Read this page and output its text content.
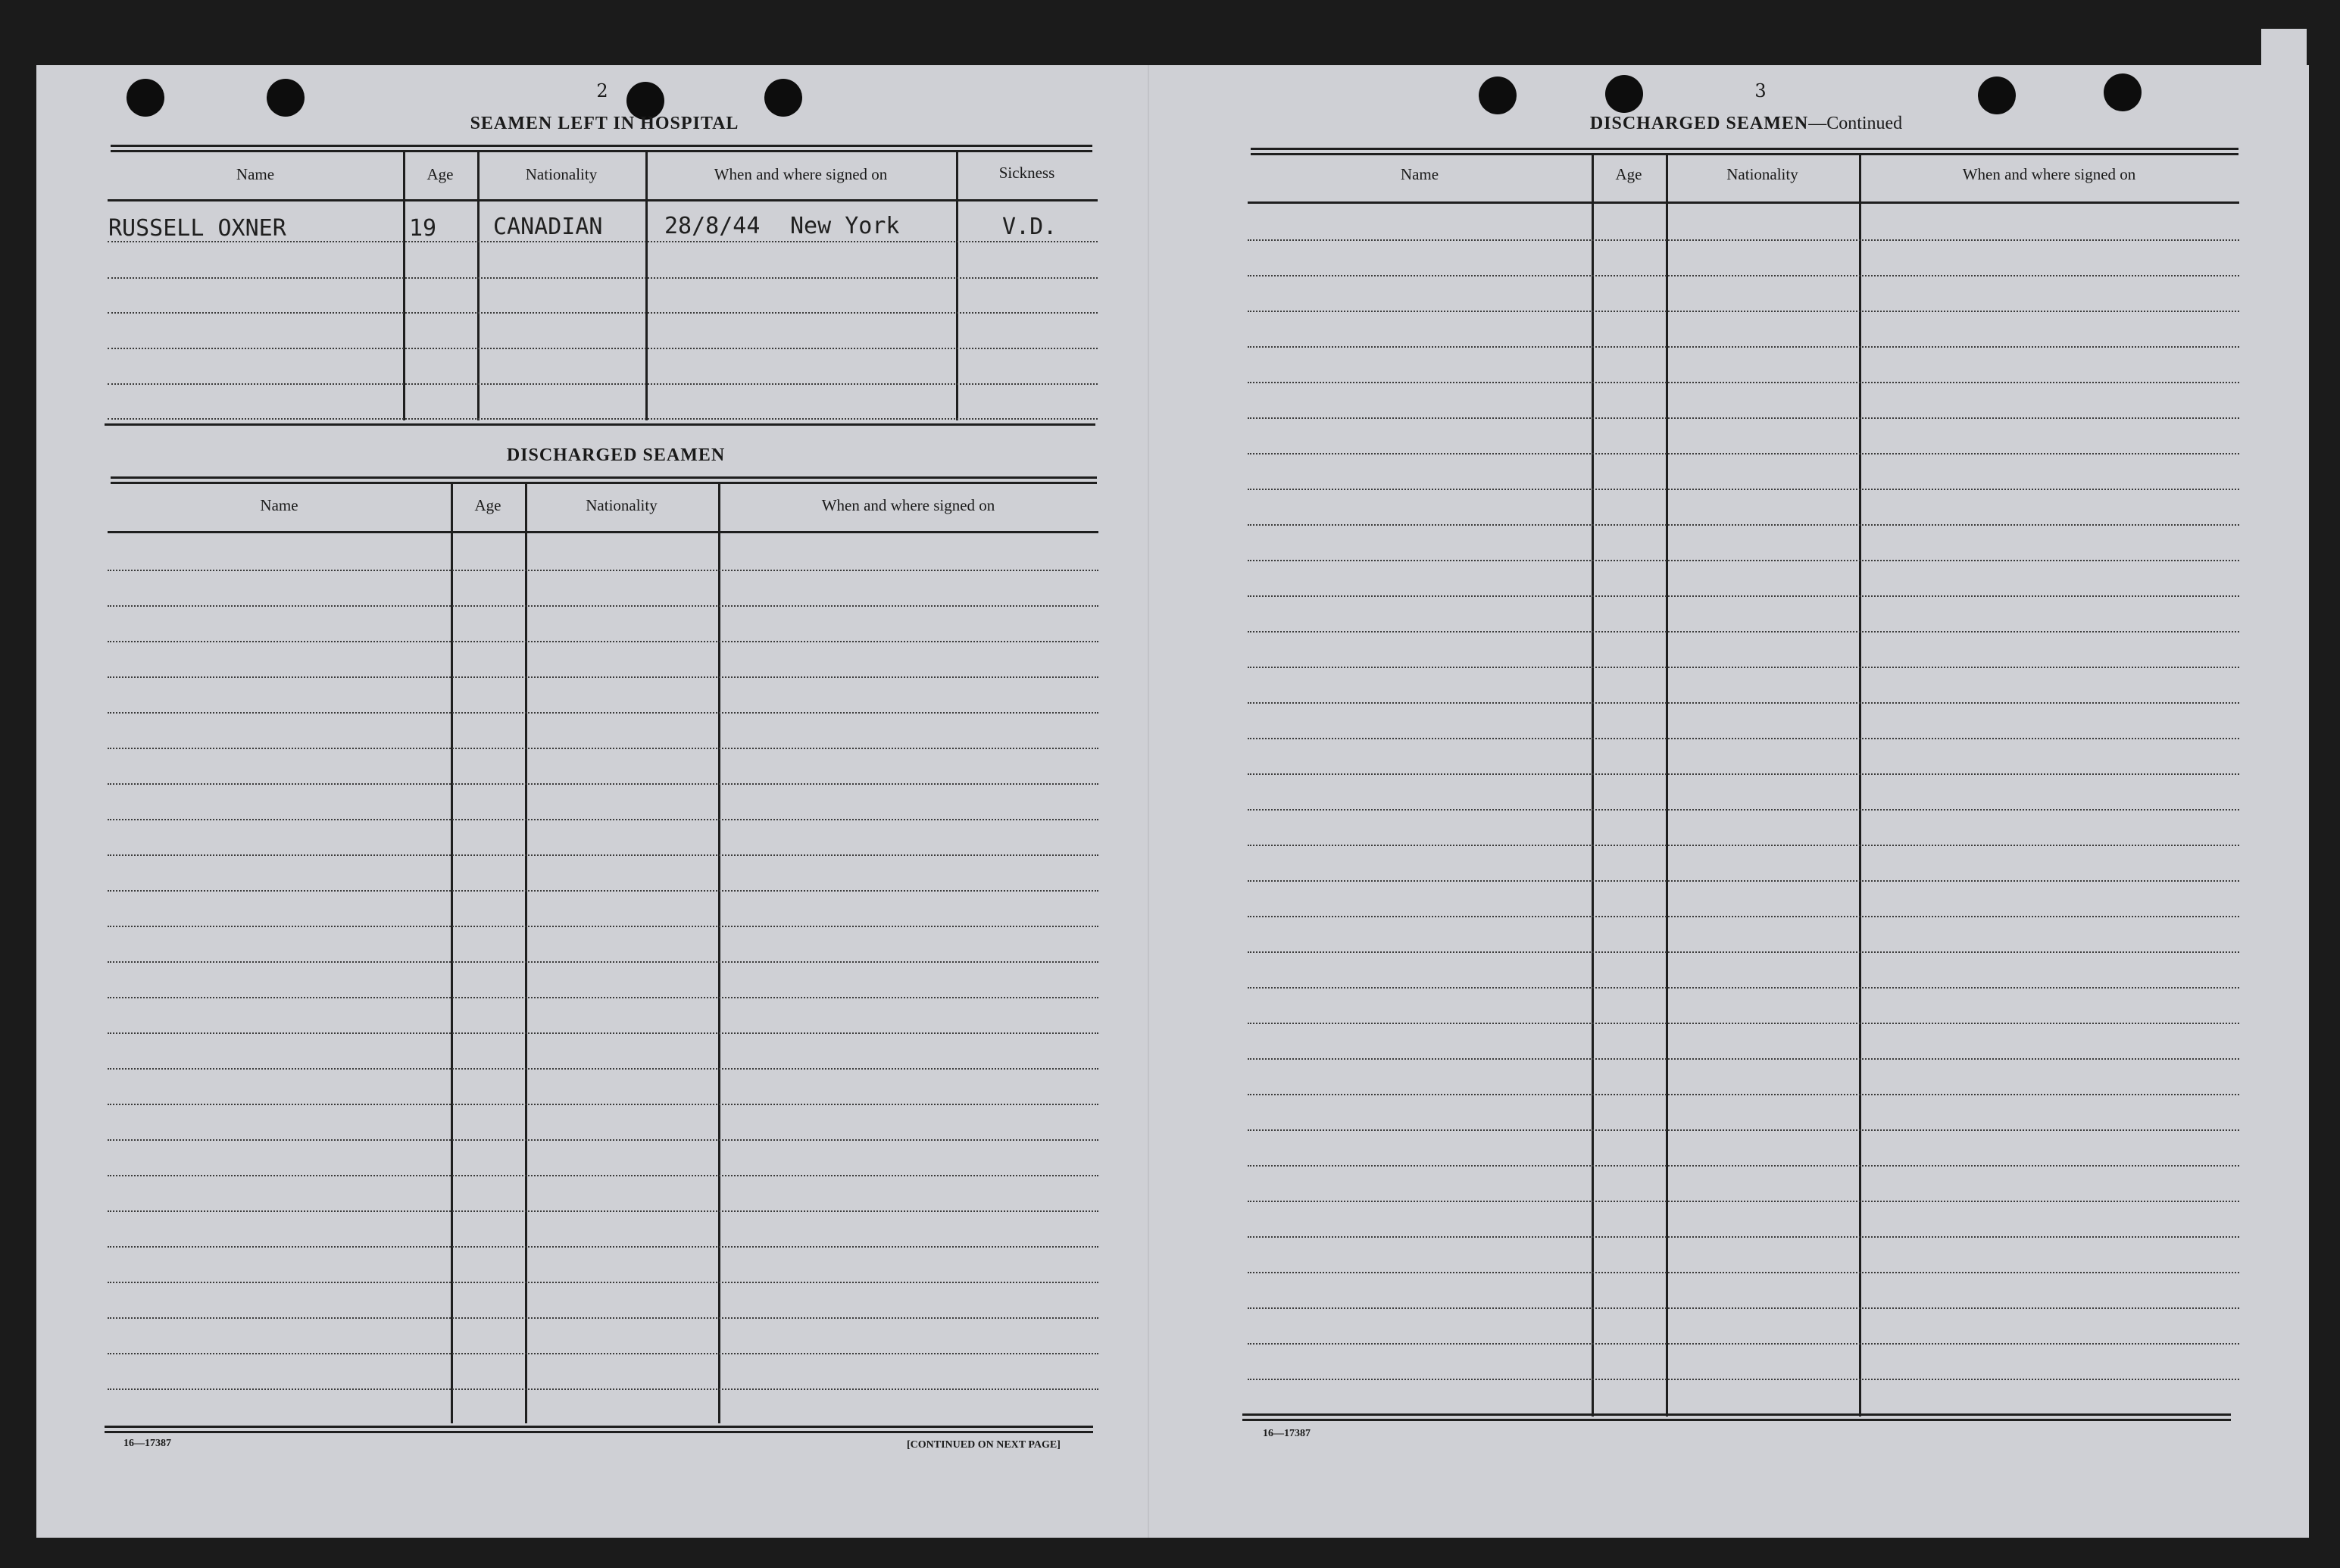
2
SEAMEN LEFT IN HOSPITAL
Name	Age	Nationality	When and where signed on	Sickness
RUSSELL OXNER	19 CANADIAN	28/8/44 New York	V.D.
DISCHARGED SEAMEN
Name	Age	Nationality	When and where signed on
16—17387	[CONTINUED ON NEXT PAGE]
3
DISCHARGED SEAMEN—Continued
Name	Age	Nationality	When and where signed on
16—17387
